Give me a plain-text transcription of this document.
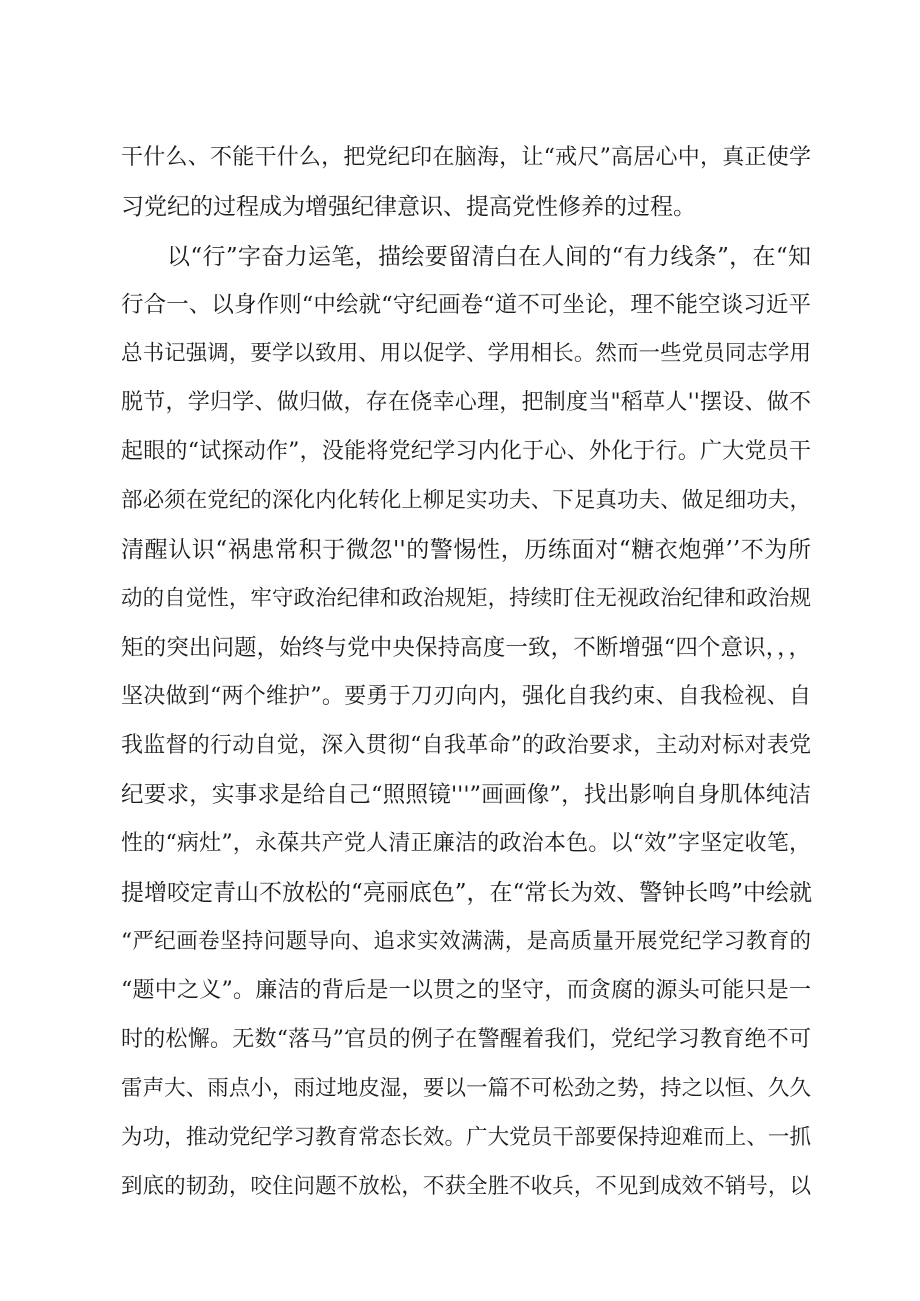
干什么、不能干什么，把党纪印在脑海，让“戒尺”高居心中，真正使学

习党纪的过程成为增强纪律意识、提高党性修养的过程。

以“行”字奋力运笔，描绘要留清白在人间的“有力线条”，在“知

行合一、以身作则“中绘就“守纪画卷“道不可坐论，理不能空谈习近平

总书记强调，要学以致用、用以促学、学用相长。然而一些党员同志学用

脱节，学归学、做归做，存在侥幸心理，把制度当"稻草人''摆设、做不

起眼的“试探动作”，没能将党纪学习内化于心、外化于行。广大党员干

部必须在党纪的深化内化转化上柳足实功夫、下足真功夫、做足细功夫，

清醒认识“祸患常积于微忽''的警惕性，历练面对“糖衣炮弹’’不为所

动的自觉性，牢守政治纪律和政治规矩，持续盯住无视政治纪律和政治规

矩的突出问题，始终与党中央保持高度一致，不断增强“四个意识，，，

坚决做到“两个维护”。要勇于刀刃向内，强化自我约束、自我检视、自

我监督的行动自觉，深入贯彻“自我革命”的政治要求，主动对标对表党

纪要求，实事求是给自己“照照镜'''”画画像”，找出影响自身肌体纯洁

性的“病灶”，永葆共产党人清正廉洁的政治本色。以“效”字坚定收笔，

提增咬定青山不放松的“亮丽底色”，在“常长为效、警钟长鸣”中绘就

“严纪画卷坚持问题导向、追求实效满满，是高质量开展党纪学习教育的

“题中之义”。廉洁的背后是一以贯之的坚守，而贪腐的源头可能只是一

时的松懈。无数“落马”官员的例子在警醒着我们，党纪学习教育绝不可

雷声大、雨点小，雨过地皮湿，要以一篇不可松劲之势，持之以恒、久久

为功，推动党纪学习教育常态长效。广大党员干部要保持迎难而上、一抓

到底的韧劲，咬住问题不放松，不获全胜不收兵，不见到成效不销号，以
